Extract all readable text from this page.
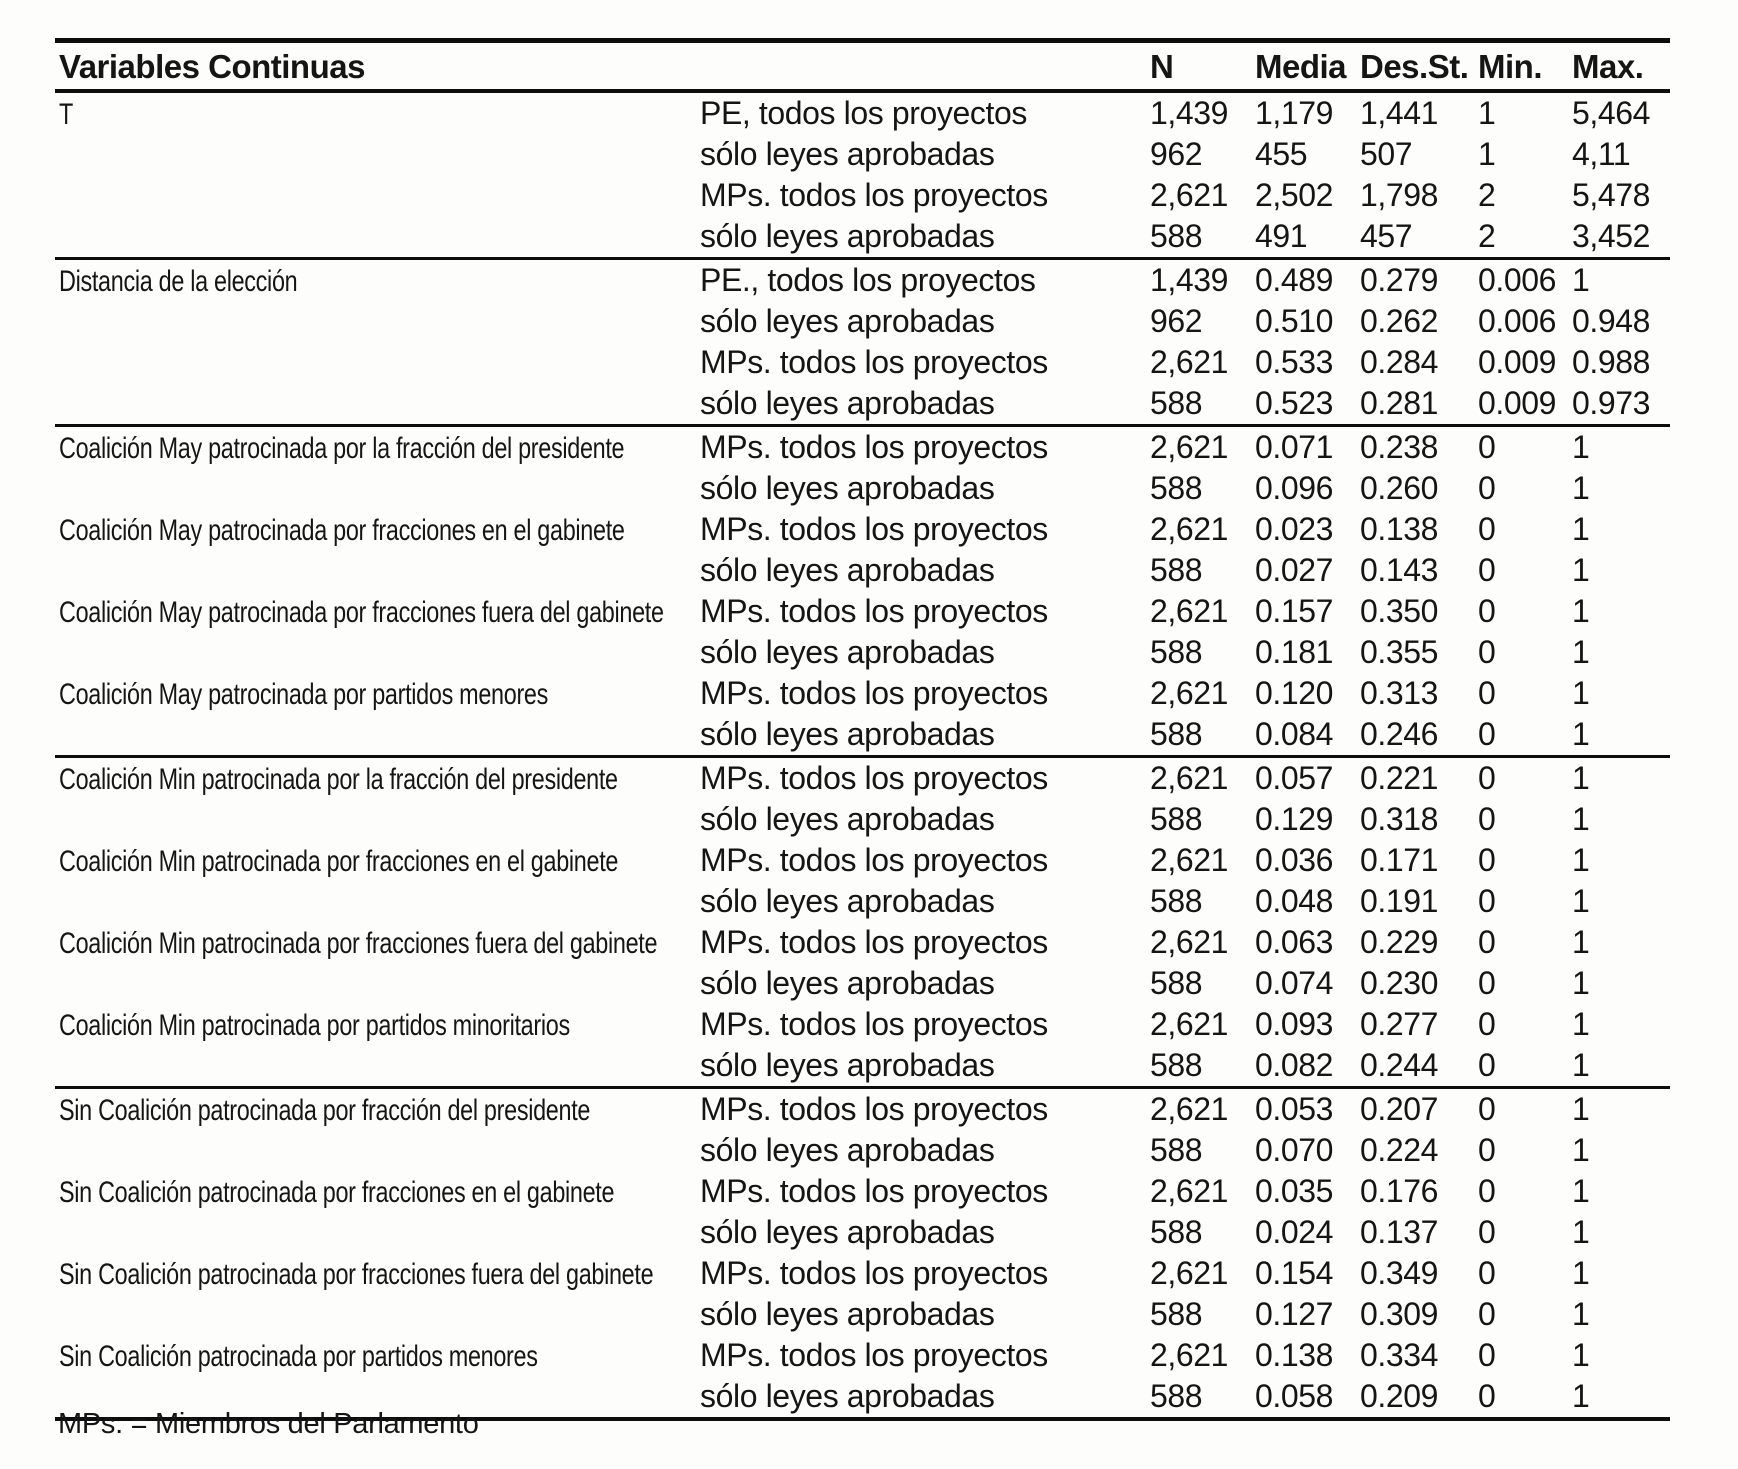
Variables Continuas	N	Media Des.St. Min. Max.
T	PE, todos los proyectos	1,439 1,179 1,441	1	5,464
sólo leyes aprobadas	962	455	507	1	4,11
MPs. todos los proyectos	2,621 2,502 1,798	2	5,478
sólo leyes aprobadas	588	491	457	2	3,452
Distancia de la elección	PE., todos los proyectos	1,439 0.489 0.279	0.006 1
sólo leyes aprobadas	962	0.510 0.262	0.006 0.948
MPs. todos los proyectos	2,621 0.533 0.284	0.009 0.988
sólo leyes aprobadas	588	0.523 0.281	0.009 0.973
Coalición May patrocinada por la fracción del presidente	MPs. todos los proyectos	2,621 0.071 0.238	0	1
sólo leyes aprobadas	588	0.096 0.260	0	1
Coalición May patrocinada por fracciones en el gabinete	MPs. todos los proyectos	2,621 0.023 0.138	0	1
sólo leyes aprobadas	588	0.027 0.143	0	1
Coalición May patrocinada por fracciones fuera del gabinete	MPs. todos los proyectos	2,621 0.157 0.350	0	1
sólo leyes aprobadas	588	0.181 0.355	0	1
Coalición May patrocinada por partidos menores	MPs. todos los proyectos	2,621 0.120 0.313	0	1
sólo leyes aprobadas	588	0.084 0.246	0	1
Coalición Min patrocinada por la fracción del presidente	MPs. todos los proyectos	2,621 0.057 0.221	0	1
sólo leyes aprobadas	588	0.129 0.318	0	1
Coalición Min patrocinada por fracciones en el gabinete	MPs. todos los proyectos	2,621 0.036 0.171	0	1
sólo leyes aprobadas	588	0.048 0.191	0	1
Coalición Min patrocinada por fracciones fuera del gabinete	MPs. todos los proyectos	2,621 0.063 0.229	0	1
sólo leyes aprobadas	588	0.074 0.230	0	1
Coalición Min patrocinada por partidos minoritarios	MPs. todos los proyectos	2,621 0.093 0.277	0	1
sólo leyes aprobadas	588	0.082 0.244	0	1
Sin Coalición patrocinada por fracción del presidente	MPs. todos los proyectos	2,621 0.053 0.207	0	1
sólo leyes aprobadas	588	0.070 0.224	0	1
Sin Coalición patrocinada por fracciones en el gabinete	MPs. todos los proyectos	2,621 0.035 0.176	0	1
sólo leyes aprobadas	588	0.024 0.137	0	1
Sin Coalición patrocinada por fracciones fuera del gabinete	MPs. todos los proyectos	2,621 0.154 0.349	0	1
sólo leyes aprobadas	588	0.127 0.309	0	1
Sin Coalición patrocinada por partidos menores	MPs. todos los proyectos	2,621 0.138 0.334	0	1
sólo leyes aprobadas	588	0.058 0.209	0	1
MPs. = Miembros del Parlamento
